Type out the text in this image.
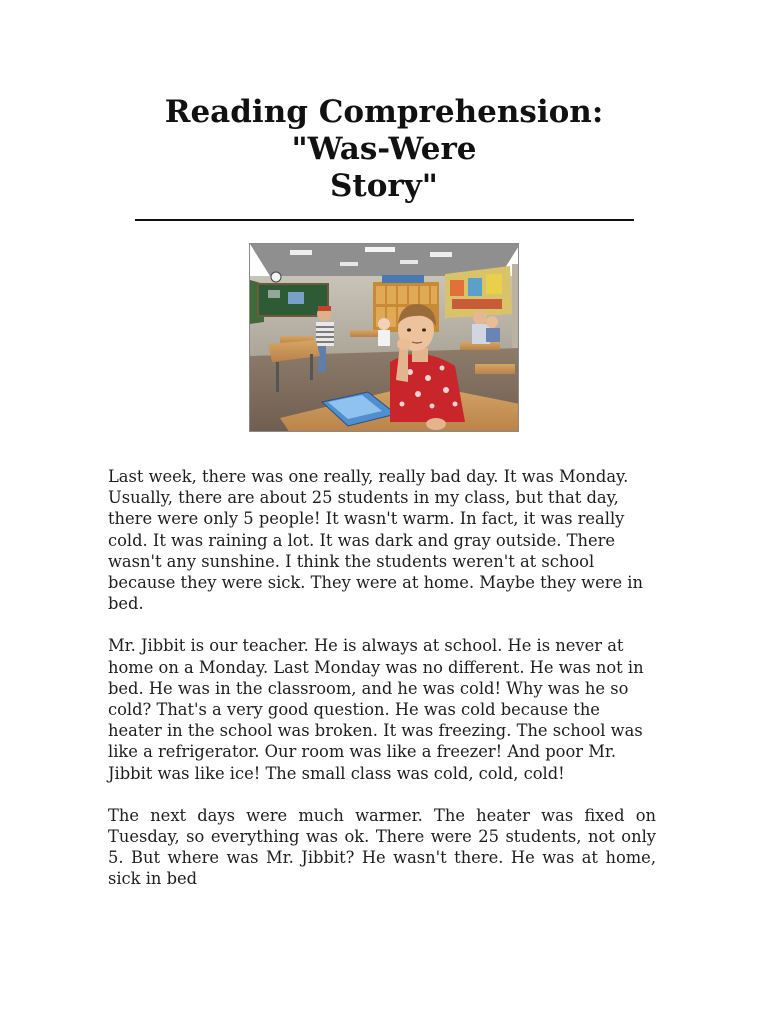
Reading Comprehension:
"Was-Were
Story"

Last week, there was one really, really bad day. It was Monday. Usually, there are about 25 students in my class, but that day, there were only 5 people! It wasn't warm. In fact, it was really cold. It was raining a lot. It was dark and gray outside. There wasn't any sunshine. I think the students weren't at school because they were sick. They were at home. Maybe they were in bed.

Mr. Jibbit is our teacher. He is always at school. He is never at home on a Monday. Last Monday was no different. He was not in bed. He was in the classroom, and he was cold! Why was he so cold? That's a very good question. He was cold because the heater in the school was broken. It was freezing. The school was like a refrigerator. Our room was like a freezer! And poor Mr. Jibbit was like ice! The small class was cold, cold, cold!

The next days were much warmer. The heater was fixed on Tuesday, so everything was ok. There were 25 students, not only 5. But where was Mr. Jibbit? He wasn't there. He was at home, sick in bed
